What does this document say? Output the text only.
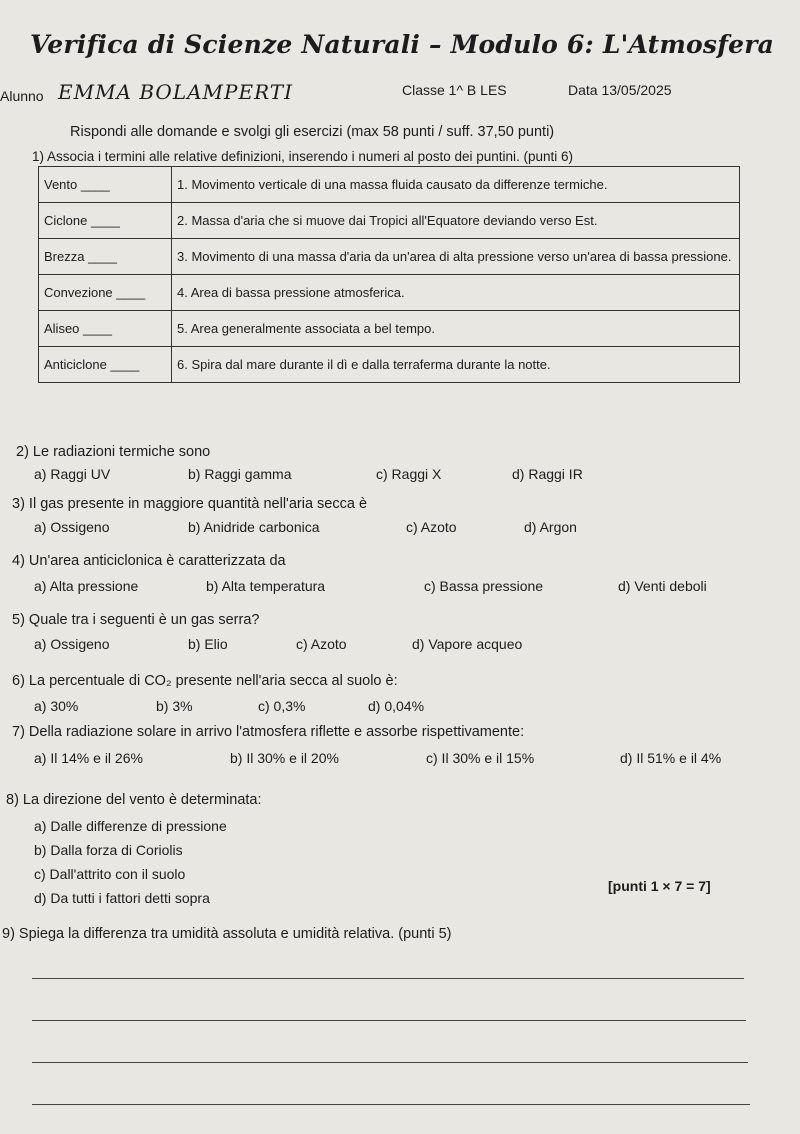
Verifica di Scienze Naturali – Modulo 6: L'Atmosfera
Alunno EMMA BOLAMPERTI	Classe 1^ B LES	Data 13/05/2025
Rispondi alle domande e svolgi gli esercizi (max 58 punti / suff. 37,50 punti)
1) Associa i termini alle relative definizioni, inserendo i numeri al posto dei puntini. (punti 6)
Vento ____	1. Movimento verticale di una massa fluida causato da differenze termiche.
Ciclone ____	2. Massa d'aria che si muove dai Tropici all'Equatore deviando verso Est.
Brezza ____	3. Movimento di una massa d'aria da un'area di alta pressione verso un'area di bassa pressione.
Convezione ____	4. Area di bassa pressione atmosferica.
Aliseo ____	5. Area generalmente associata a bel tempo.
Anticiclone ____	6. Spira dal mare durante il dì e dalla terraferma durante la notte.
2) Le radiazioni termiche sono
a) Raggi UV	b) Raggi gamma	c) Raggi X	d) Raggi IR
3) Il gas presente in maggiore quantità nell'aria secca è
a) Ossigeno	b) Anidride carbonica	c) Azoto	d) Argon
4) Un'area anticiclonica è caratterizzata da
a) Alta pressione	b) Alta temperatura	c) Bassa pressione	d) Venti deboli
5) Quale tra i seguenti è un gas serra?
a) Ossigeno	b) Elio	c) Azoto	d) Vapore acqueo
6) La percentuale di CO₂ presente nell'aria secca al suolo è:
a) 30%	b) 3%	c) 0,3%	d) 0,04%
7) Della radiazione solare in arrivo l'atmosfera riflette e assorbe rispettivamente:
a) Il 14% e il 26%	b) Il 30% e il 20%	c) Il 30% e il 15%	d) Il 51% e il 4%
8) La direzione del vento è determinata:
a) Dalle differenze di pressione
b) Dalla forza di Coriolis
c) Dall'attrito con il suolo
d) Da tutti i fattori detti sopra
[punti 1 × 7 = 7]
9) Spiega la differenza tra umidità assoluta e umidità relativa. (punti 5)
